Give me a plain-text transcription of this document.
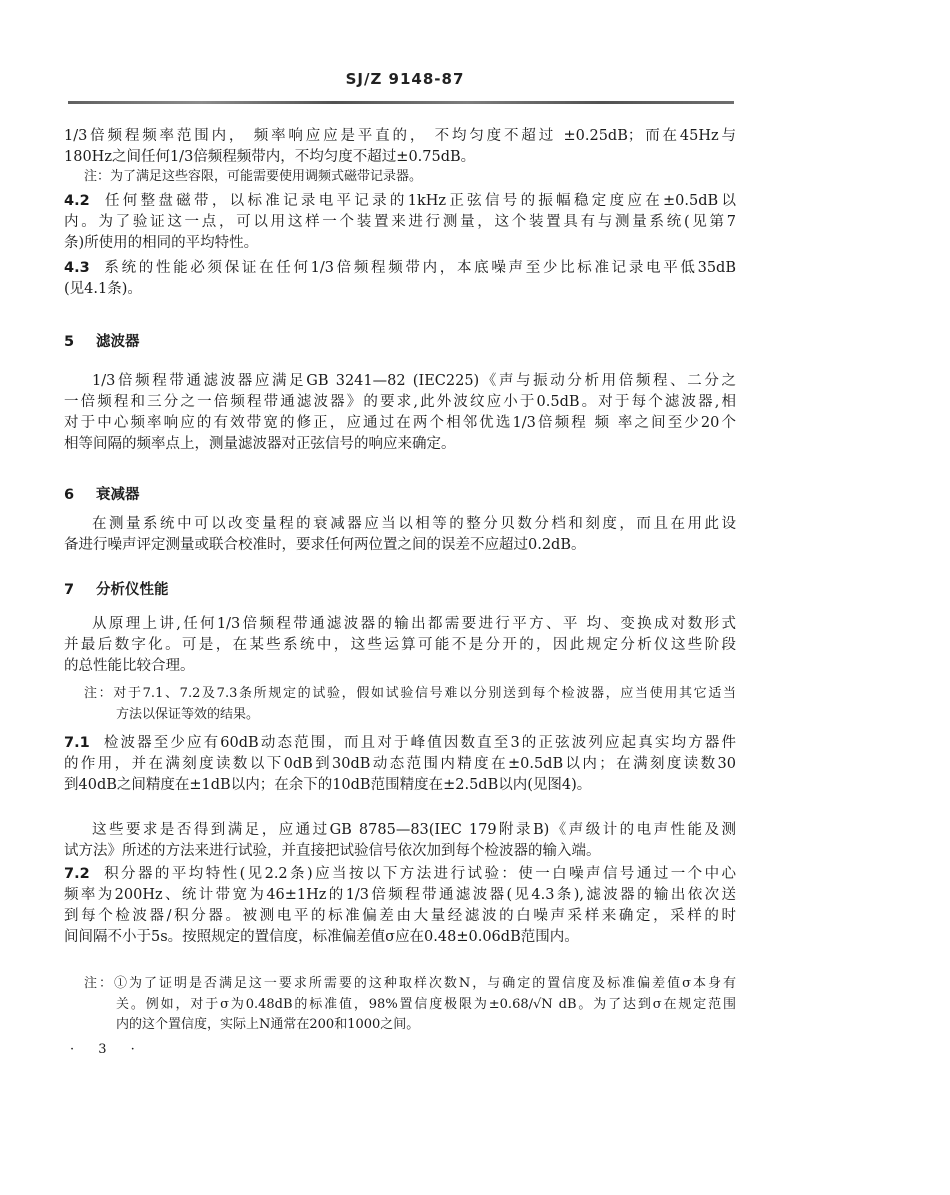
SJ/Z 9148-87
1/3倍频程频率范围内， 频率响应应是平直的， 不均匀度不超过 ±0.25dB；而在45Hz与
180Hz之间任何1/3倍频程频带内，不均匀度不超过±0.75dB。
注：为了满足这些容限，可能需要使用调频式磁带记录器。
4.2 任何整盘磁带，以标准记录电平记录的1kHz正弦信号的振幅稳定度应在±0.5dB以
内。为了验证这一点，可以用这样一个装置来进行测量，这个装置具有与测量系统(见第7
条)所使用的相同的平均特性。
4.3 系统的性能必须保证在任何1/3倍频程频带内，本底噪声至少比标准记录电平低35dB
(见4.1条)。
5 滤波器
1/3倍频程带通滤波器应满足GB 3241—82 (IEC225)《声与振动分析用倍频程、二分之
一倍频程和三分之一倍频程带通滤波器》的要求,此外波纹应小于0.5dB。对于每个滤波器,相
对于中心频率响应的有效带宽的修正，应通过在两个相邻优选1/3倍频程 频 率之间至少20个
相等间隔的频率点上，测量滤波器对正弦信号的响应来确定。
6 衰减器
在测量系统中可以改变量程的衰减器应当以相等的整分贝数分档和刻度，而且在用此设
备进行噪声评定测量或联合校准时，要求任何两位置之间的误差不应超过0.2dB。
7 分析仪性能
从原理上讲,任何1/3倍频程带通滤波器的输出都需要进行平方、平 均、变换成对数形式
并最后数字化。可是，在某些系统中，这些运算可能不是分开的，因此规定分析仪这些阶段
的总性能比较合理。
注：对于7.1、7.2及7.3条所规定的试验，假如试验信号难以分别送到每个检波器，应当使用其它适当
方法以保证等效的结果。
7.1 检波器至少应有60dB动态范围，而且对于峰值因数直至3的正弦波列应起真实均方器件
的作用，并在满刻度读数以下0dB到30dB动态范围内精度在±0.5dB以内；在满刻度读数30
到40dB之间精度在±1dB以内；在余下的10dB范围精度在±2.5dB以内(见图4)。
这些要求是否得到满足，应通过GB 8785—83(IEC 179附录B)《声级计的电声性能及测
试方法》所述的方法来进行试验，并直接把试验信号依次加到每个检波器的输入端。
7.2 积分器的平均特性(见2.2条)应当按以下方法进行试验：使一白噪声信号通过一个中心
频率为200Hz、统计带宽为46±1Hz的1/3倍频程带通滤波器(见4.3条),滤波器的输出依次送
到每个检波器/积分器。被测电平的标准偏差由大量经滤波的白噪声采样来确定，采样的时
间间隔不小于5s。按照规定的置信度，标准偏差值σ应在0.48±0.06dB范围内。
注：①为了证明是否满足这一要求所需要的这种取样次数N，与确定的置信度及标准偏差值σ本身有
关。例如，对于σ为0.48dB的标准值，98%置信度极限为±0.68/√N dB。为了达到σ在规定范围
内的这个置信度，实际上N通常在200和1000之间。
· 3 ·
